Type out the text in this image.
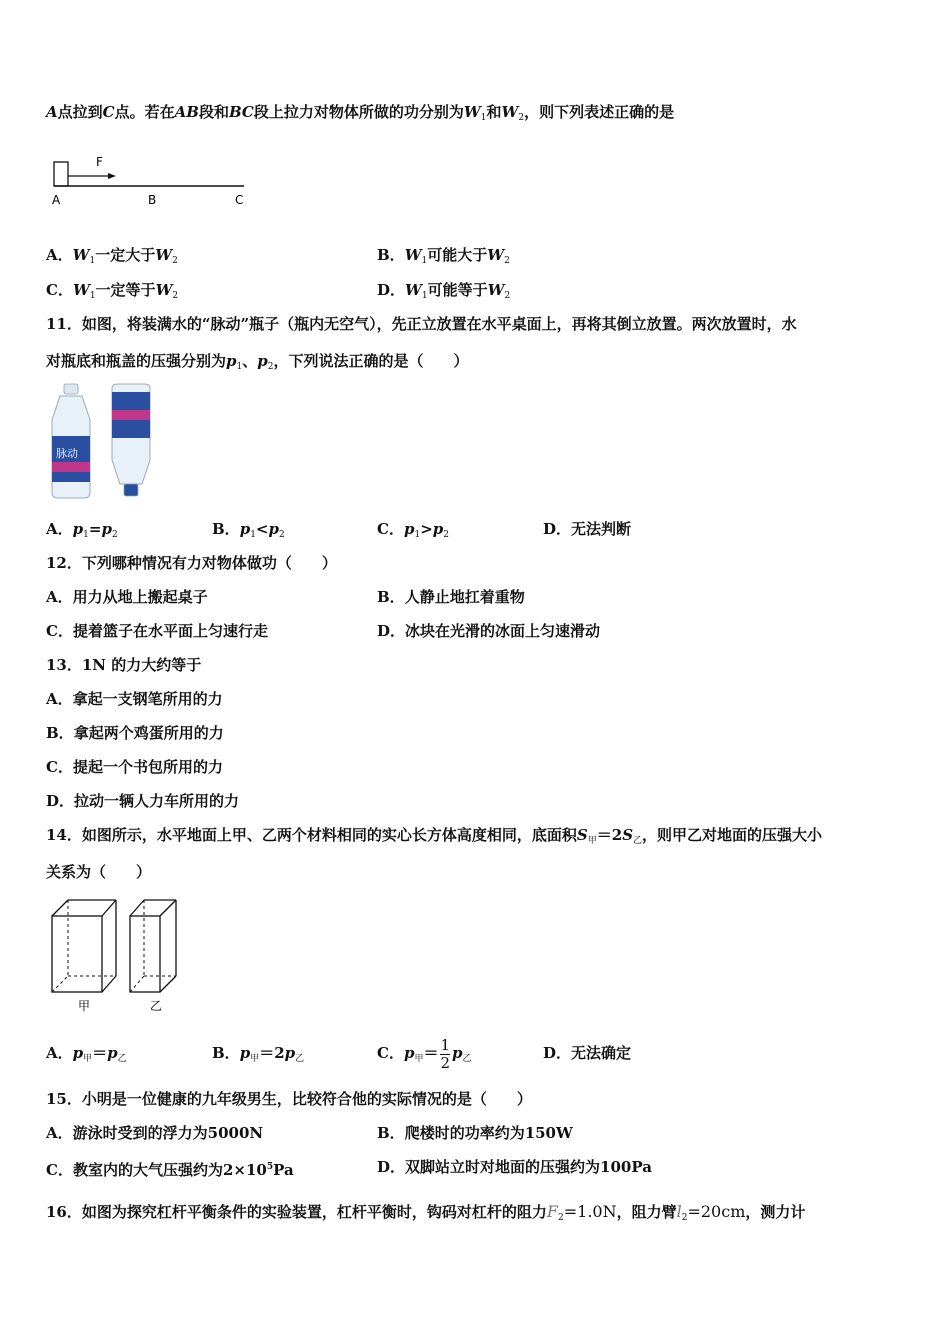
A点拉到C点。若在AB段和BC段上拉力对物体所做的功分别为$W_1$和$W_2$，则下列表述正确的是
F
A	B	C
A．$W_1$一定大于$W_2$	B．$W_1$可能大于$W_2$
C．$W_1$一定等于$W_2$	D．$W_1$可能等于$W_2$
11．如图，将装满水的“脉动”瓶子（瓶内无空气），先正立放置在水平桌面上，再将其倒立放置。两次放置时，水
对瓶底和瓶盖的压强分别为$p_1$、$p_2$，下列说法正确的是（　　）
脉动
A．$p_1=p_2$	B．$p_1<p_2$	C．$p_1>p_2$	D．无法判断
12．下列哪种情况有力对物体做功（　　）
A．用力从地上搬起桌子	B．人静止地扛着重物
C．提着篮子在水平面上匀速行走	D．冰块在光滑的冰面上匀速滑动
13．1N 的力大约等于
A．拿起一支钢笔所用的力
B．拿起两个鸡蛋所用的力
C．提起一个书包所用的力
D．拉动一辆人力车所用的力
14．如图所示，水平地面上甲、乙两个材料相同的实心长方体高度相同，底面积$S_甲=2S_乙$，则甲乙对地面的压强大小
关系为（　　）
甲	乙
A．$p_甲=p_乙$	B．$p_甲=2p_乙$	C．$p_甲= \frac{1}{2} p_乙$	D．无法确定
15．小明是一位健康的九年级男生，比较符合他的实际情况的是（　　）
A．游泳时受到的浮力为5000N	B．爬楼时的功率约为150W
C．教室内的大气压强约为$2\times 10^5Pa$	D．双脚站立时对地面的压强约为100Pa
16．如图为探究杠杆平衡条件的实验装置，杠杆平衡时，钩码对杠杆的阻力$F_2=1.0N$，阻力臂$l_2=20cm$，测力计
